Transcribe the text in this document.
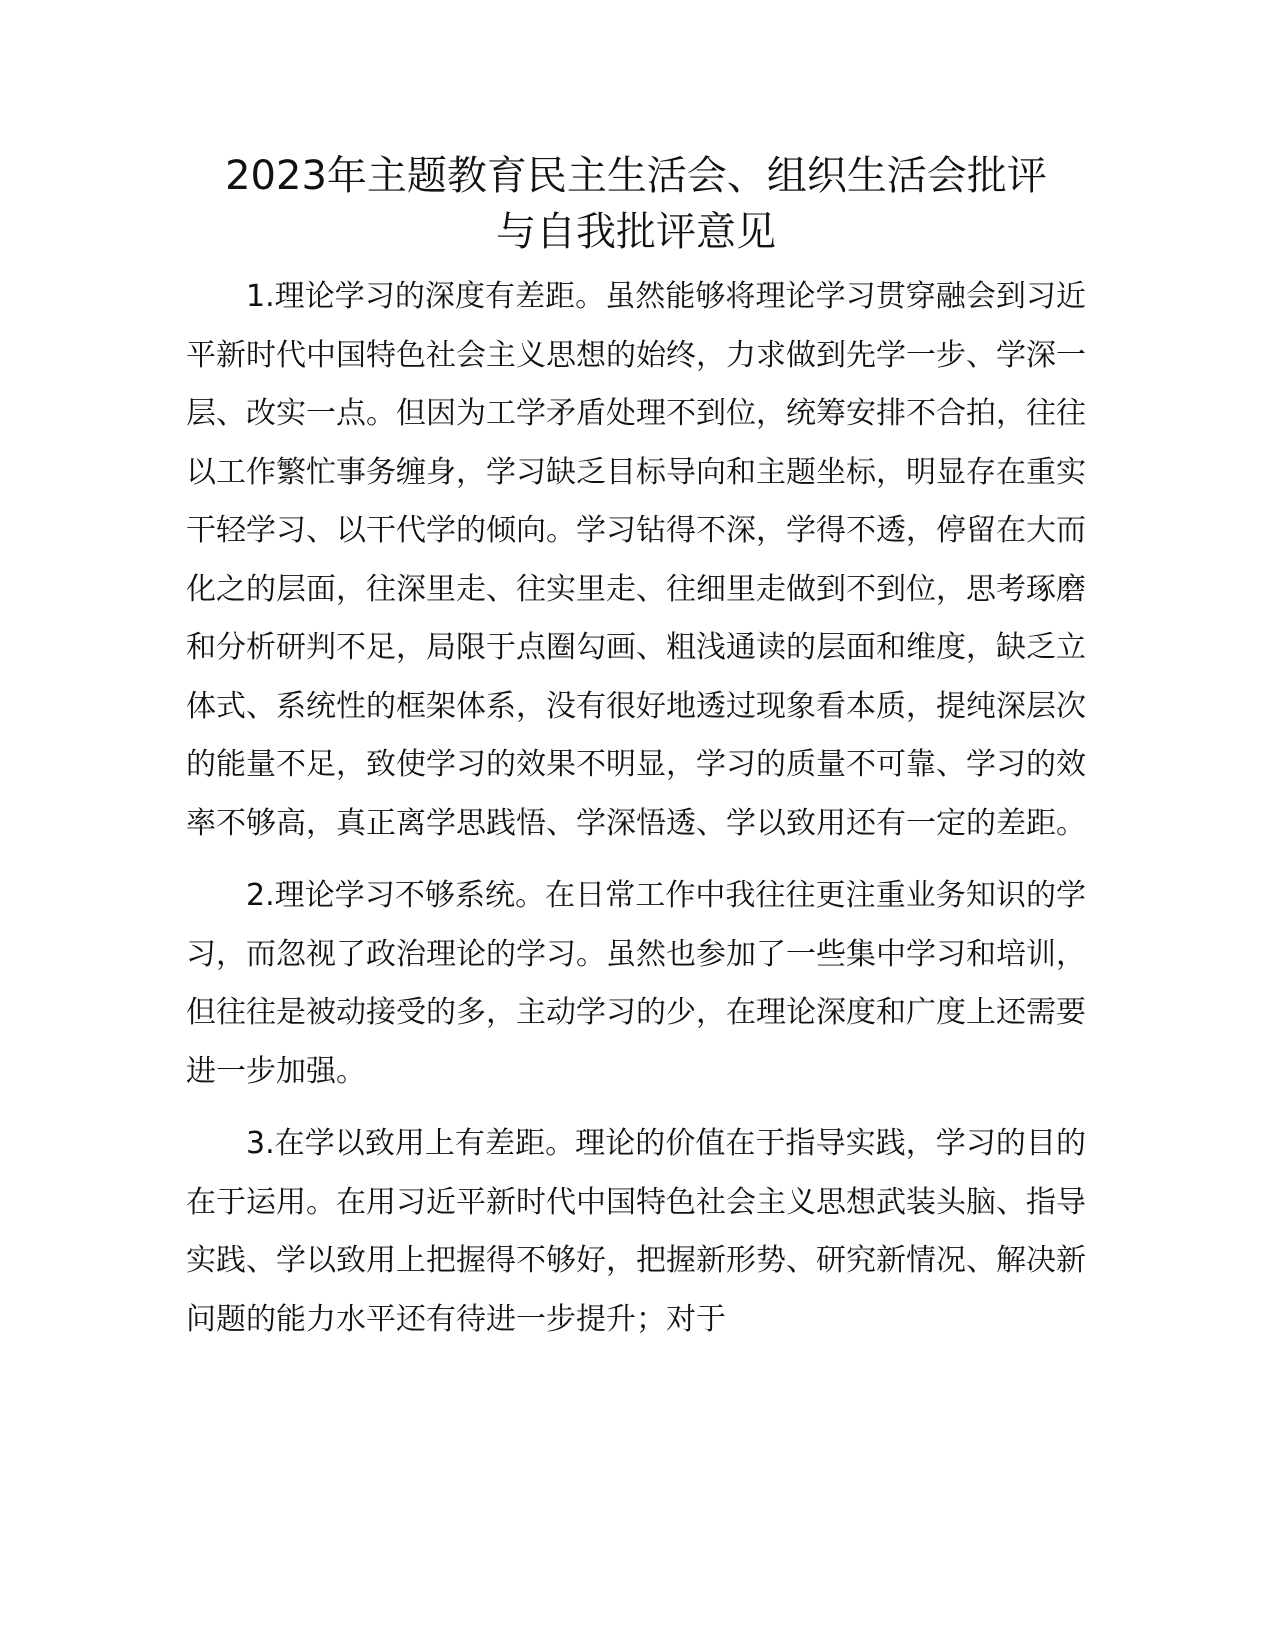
2023年主题教育民主生活会、组织生活会批评
与自我批评意见

1.理论学习的深度有差距。虽然能够将理论学习贯穿融会到习近平新时代中国特色社会主义思想的始终，力求做到先学一步、学深一层、改实一点。但因为工学矛盾处理不到位，统筹安排不合拍，往往以工作繁忙事务缠身，学习缺乏目标导向和主题坐标，明显存在重实干轻学习、以干代学的倾向。学习钻得不深，学得不透，停留在大而化之的层面，往深里走、往实里走、往细里走做到不到位，思考琢磨和分析研判不足，局限于点圈勾画、粗浅通读的层面和维度，缺乏立体式、系统性的框架体系，没有很好地透过现象看本质，提纯深层次的能量不足，致使学习的效果不明显，学习的质量不可靠、学习的效率不够高，真正离学思践悟、学深悟透、学以致用还有一定的差距。

2.理论学习不够系统。在日常工作中我往往更注重业务知识的学习，而忽视了政治理论的学习。虽然也参加了一些集中学习和培训，但往往是被动接受的多，主动学习的少，在理论深度和广度上还需要进一步加强。

3.在学以致用上有差距。理论的价值在于指导实践，学习的目的在于运用。在用习近平新时代中国特色社会主义思想武装头脑、指导实践、学以致用上把握得不够好，把握新形势、研究新情况、解决新问题的能力水平还有待进一步提升；对于
